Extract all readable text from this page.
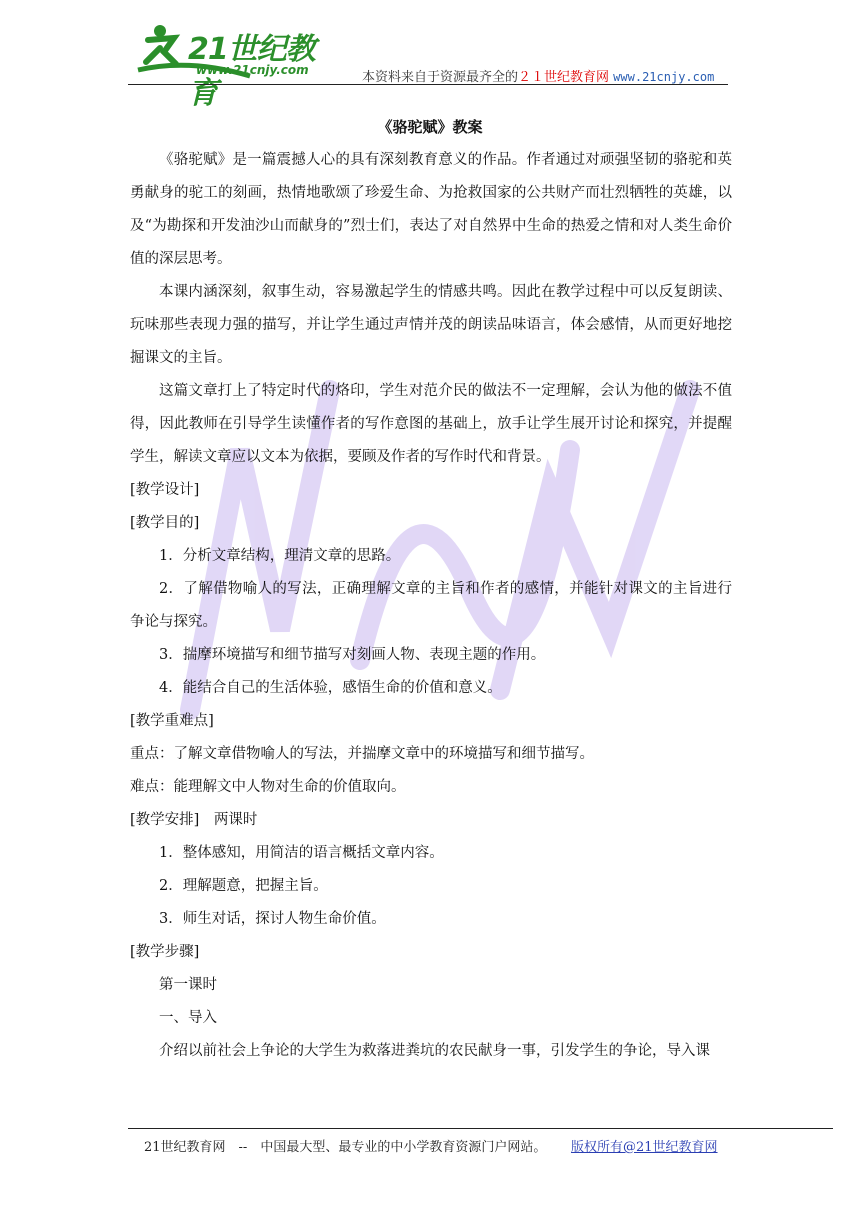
21世纪教育
www.21cnjy.com	本资料来自于资源最齐全的２１世纪教育网 www.21cnjy.com
《骆驼赋》教案

《骆驼赋》是一篇震撼人心的具有深刻教育意义的作品。作者通过对顽强坚韧的骆驼和英勇献身的驼工的刻画，热情地歌颂了珍爱生命、为抢救国家的公共财产而壮烈牺牲的英雄，以及“为勘探和开发油沙山而献身的”烈士们，表达了对自然界中生命的热爱之情和对人类生命价值的深层思考。

本课内涵深刻，叙事生动，容易激起学生的情感共鸣。因此在教学过程中可以反复朗读、玩味那些表现力强的描写，并让学生通过声情并茂的朗读品味语言，体会感情，从而更好地挖掘课文的主旨。

这篇文章打上了特定时代的烙印，学生对范介民的做法不一定理解，会认为他的做法不值得，因此教师在引导学生读懂作者的写作意图的基础上，放手让学生展开讨论和探究，并提醒学生，解读文章应以文本为依据，要顾及作者的写作时代和背景。

[教学设计]

[教学目的]

1．分析文章结构，理清文章的思路。

2．了解借物喻人的写法，正确理解文章的主旨和作者的感情，并能针对课文的主旨进行争论与探究。

3．揣摩环境描写和细节描写对刻画人物、表现主题的作用。

4．能结合自己的生活体验，感悟生命的价值和意义。

[教学重难点]

重点：了解文章借物喻人的写法，并揣摩文章中的环境描写和细节描写。

难点：能理解文中人物对生命的价值取向。

[教学安排]　两课时

1．整体感知，用简洁的语言概括文章内容。

2．理解题意，把握主旨。

3．师生对话，探讨人物生命价值。

[教学步骤]

第一课时

一、导入

介绍以前社会上争论的大学生为救落进粪坑的农民献身一事，引发学生的争论，导入课

21世纪教育网　--　中国最大型、最专业的中小学教育资源门户网站。 版权所有@21世纪教育网
